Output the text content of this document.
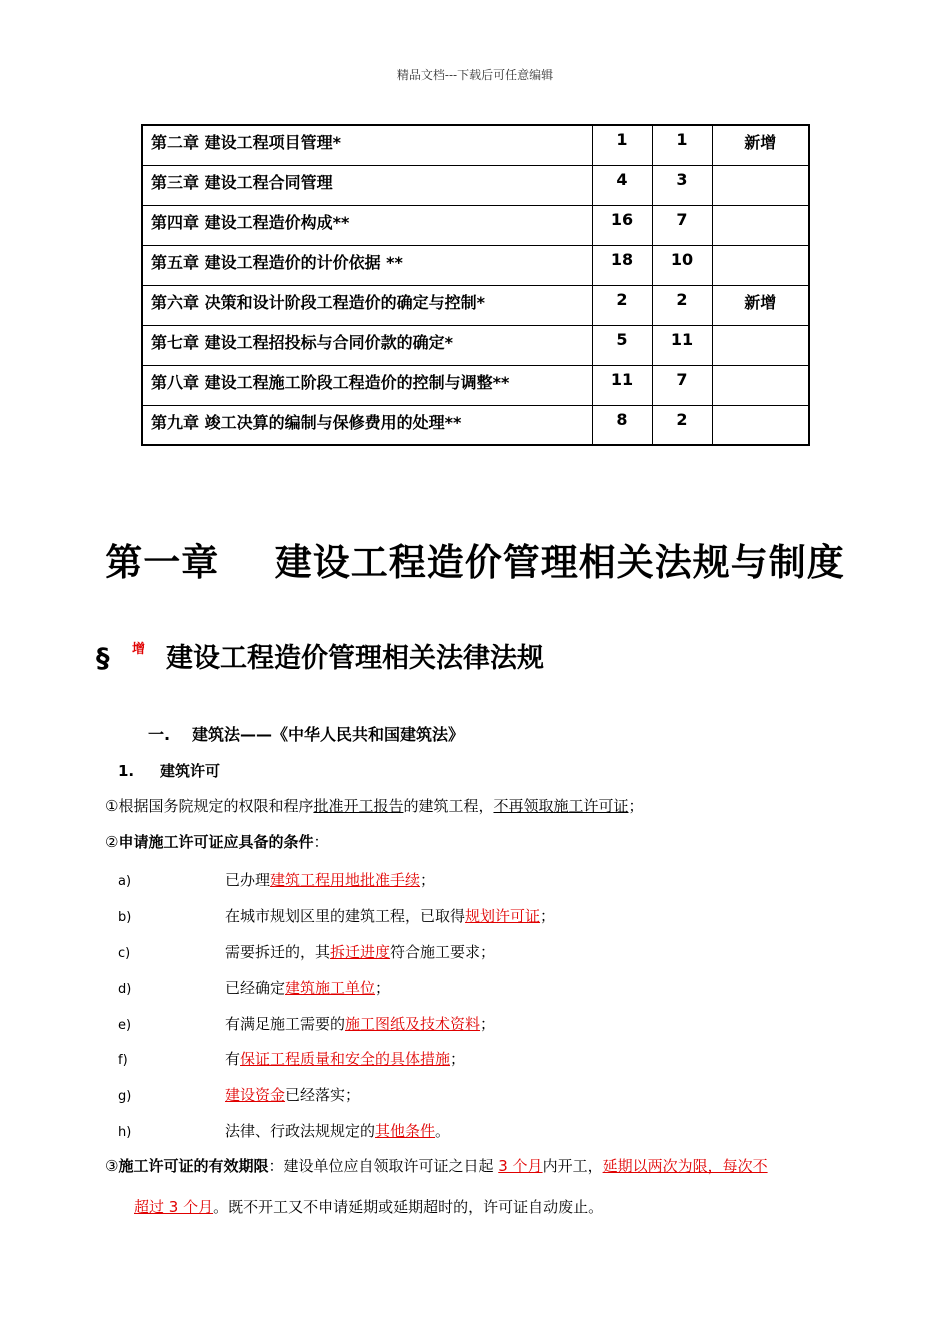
精品文档---下载后可任意编辑
第二章 建设工程项目管理*	1	1	新增
第三章 建设工程合同管理	4	3	
第四章 建设工程造价构成**	16	7	
第五章 建设工程造价的计价依据 **	18	10	
第六章 决策和设计阶段工程造价的确定与控制*	2	2	新增
第七章 建设工程招投标与合同价款的确定*	5	11	
第八章 建设工程施工阶段工程造价的控制与调整**	11	7	
第九章 竣工决算的编制与保修费用的处理**	8	2	
第一章    建设工程造价管理相关法规与制度
§ 增 建设工程造价管理相关法律法规
一. 建筑法——《中华人民共和国建筑法》
1. 建筑许可
①根据国务院规定的权限和程序批准开工报告的建筑工程，不再领取施工许可证；
②申请施工许可证应具备的条件：
a)	已办理建筑工程用地批准手续；
b)	在城市规划区里的建筑工程，已取得规划许可证；
c)	需要拆迁的，其拆迁进度符合施工要求；
d)	已经确定建筑施工单位；
e)	有满足施工需要的施工图纸及技术资料；
f)	有保证工程质量和安全的具体措施；
g)	建设资金已经落实；
h)	法律、行政法规规定的其他条件。
③施工许可证的有效期限：建设单位应自领取许可证之日起 3 个月内开工，延期以两次为限，每次不
超过 3 个月。既不开工又不申请延期或延期超时的，许可证自动废止。
